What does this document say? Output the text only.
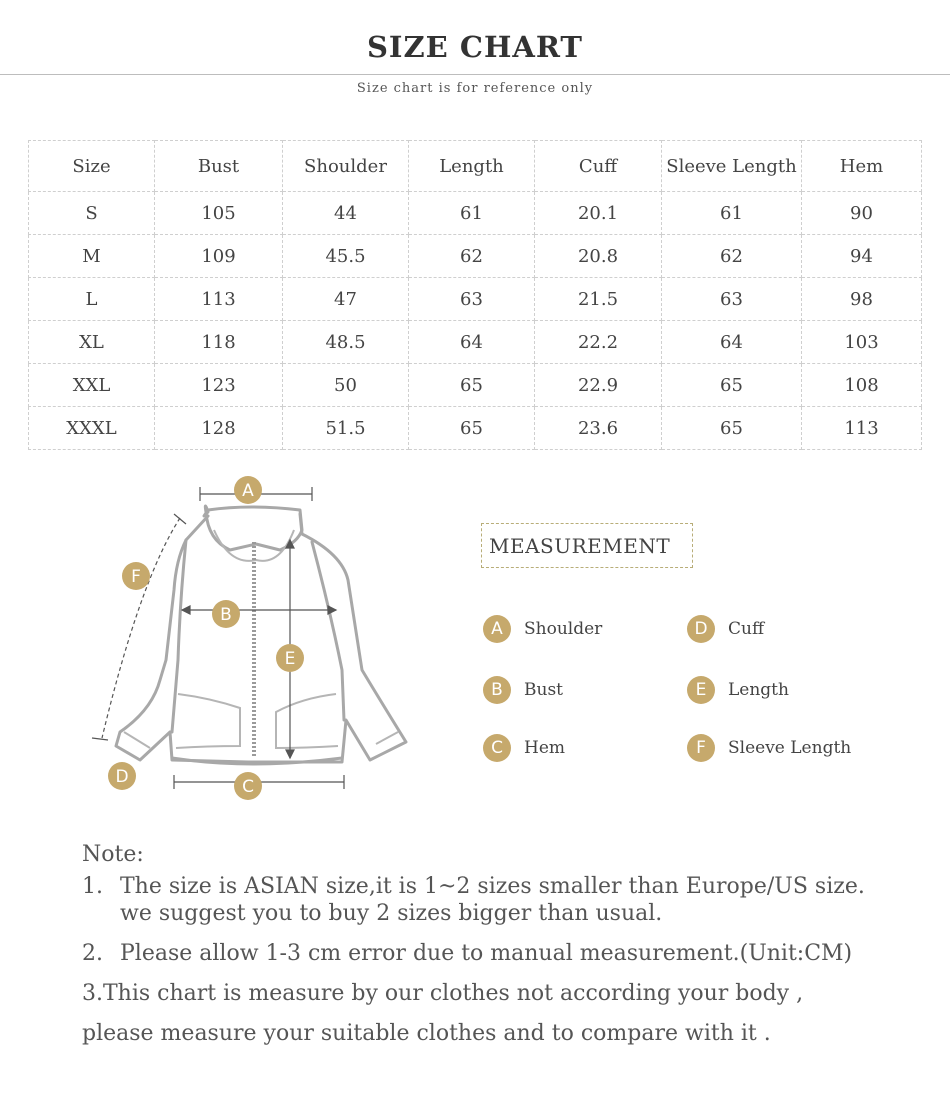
SIZE CHART
Size chart is for reference only
Size	Bust	Shoulder	Length	Cuff	Sleeve Length	Hem
S	105	44	61	20.1	61	90
M	109	45.5	62	20.8	62	94
L	113	47	63	21.5	63	98
XL	118	48.5	64	22.2	64	103
XXL	123	50	65	22.9	65	108
XXXL	128	51.5	65	23.6	65	113
A
B
C
D
E
F
MEASUREMENT
A	Shoulder
B	Bust
C	Hem
D	Cuff
E	Length
F	Sleeve Length
Note:
1. The size is ASIAN size,it is 1~2 sizes smaller than Europe/US size.
we suggest you to buy 2 sizes bigger than usual.
2. Please allow 1-3 cm error due to manual measurement.(Unit:CM)
3.This chart is measure by our clothes not according your body ,
please measure your suitable clothes and to compare with it .
